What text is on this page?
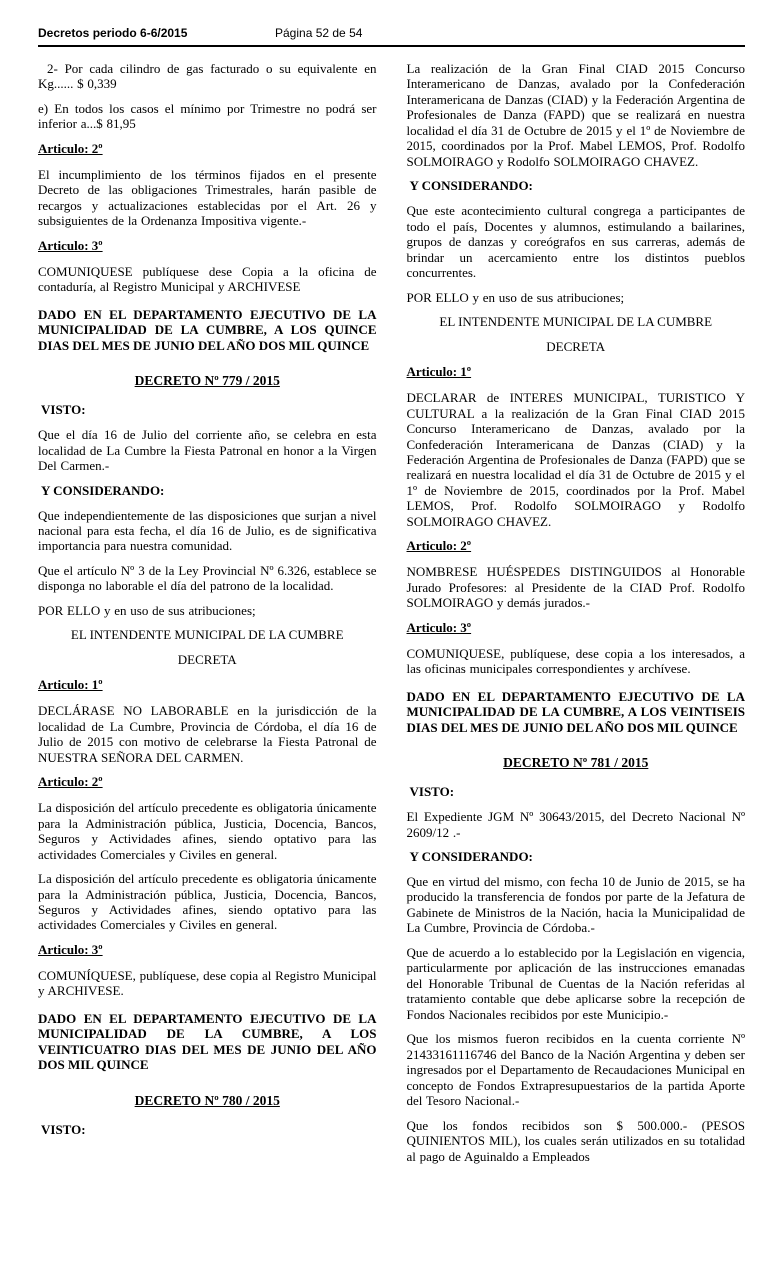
Decretos periodo 6-6/2015	Página 52 de 54

2- Por cada cilindro de gas facturado o su equivalente en Kg...... $ 0,339

e) En todos los casos el mínimo por Trimestre no podrá ser inferior a...$ 81,95

Articulo: 2º

El incumplimiento de los términos fijados en el presente Decreto de las obligaciones Trimestrales, harán pasible de recargos y actualizaciones establecidas por el Art. 26 y subsiguientes de la Ordenanza Impositiva vigente.-

Articulo: 3º

COMUNIQUESE publíquese dese Copia a la oficina de contaduría, al Registro Municipal y ARCHIVESE

DADO EN EL DEPARTAMENTO EJECUTIVO DE LA MUNICIPALIDAD DE LA CUMBRE, A LOS QUINCE DIAS DEL MES DE JUNIO DEL AÑO DOS MIL QUINCE

DECRETO Nº 779 / 2015

VISTO:

Que el día 16 de Julio del corriente año, se celebra en esta localidad de La Cumbre la Fiesta Patronal en honor a la Virgen Del Carmen.-

Y CONSIDERANDO:

Que independientemente de las disposiciones que surjan a nivel nacional para esta fecha, el día 16 de Julio, es de significativa importancia para nuestra comunidad.

Que el artículo Nº 3 de la Ley Provincial Nº 6.326, establece se disponga no laborable el día del patrono de la localidad.

POR ELLO y en uso de sus atribuciones;

EL INTENDENTE MUNICIPAL DE LA CUMBRE

DECRETA

Articulo: 1º

DECLÁRASE NO LABORABLE en la jurisdicción de la localidad de La Cumbre, Provincia de Córdoba, el día 16 de Julio de 2015 con motivo de celebrarse la Fiesta Patronal de NUESTRA SEÑORA DEL CARMEN.

Articulo: 2º

La disposición del artículo precedente es obligatoria únicamente para la Administración pública, Justicia, Docencia, Bancos, Seguros y Actividades afines, siendo optativo para las actividades Comerciales y Civiles en general.

La disposición del artículo precedente es obligatoria únicamente para la Administración pública, Justicia, Docencia, Bancos, Seguros y Actividades afines, siendo optativo para las actividades Comerciales y Civiles en general.

Articulo: 3º

COMUNÍQUESE, publíquese, dese copia al Registro Municipal y ARCHIVESE.

DADO EN EL DEPARTAMENTO EJECUTIVO DE LA MUNICIPALIDAD DE LA CUMBRE, A LOS VEINTICUATRO DIAS DEL MES DE JUNIO DEL AÑO DOS MIL QUINCE

DECRETO Nº 780 / 2015

VISTO:

La realización de la Gran Final CIAD 2015 Concurso Interamericano de Danzas, avalado por la Confederación Interamericana de Danzas (CIAD) y la Federación Argentina de Profesionales de Danza (FAPD) que se realizará en nuestra localidad el día 31 de Octubre de 2015 y el 1º de Noviembre de 2015, coordinados por la Prof. Mabel LEMOS, Prof. Rodolfo SOLMOIRAGO y Rodolfo SOLMOIRAGO CHAVEZ.

Y CONSIDERANDO:

Que este acontecimiento cultural congrega a participantes de todo el país, Docentes y alumnos, estimulando a bailarines, grupos de danzas y coreógrafos en sus carreras, además de brindar un acercamiento entre los distintos pueblos concurrentes.

POR ELLO y en uso de sus atribuciones;

EL INTENDENTE MUNICIPAL DE LA CUMBRE

DECRETA

Articulo: 1º

DECLARAR de INTERES MUNICIPAL, TURISTICO Y CULTURAL a la realización de la Gran Final CIAD 2015 Concurso Interamericano de Danzas, avalado por la Confederación Interamericana de Danzas (CIAD) y la Federación Argentina de Profesionales de Danza (FAPD) que se realizará en nuestra localidad el día 31 de Octubre de 2015 y el 1º de Noviembre de 2015, coordinados por la Prof. Mabel LEMOS, Prof. Rodolfo SOLMOIRAGO y Rodolfo SOLMOIRAGO CHAVEZ.

Articulo: 2º

NOMBRESE HUÉSPEDES DISTINGUIDOS al Honorable Jurado Profesores: al Presidente de la CIAD Prof. Rodolfo SOLMOIRAGO y demás jurados.-

Articulo: 3º

COMUNIQUESE, publíquese, dese copia a los interesados, a las oficinas municipales correspondientes y archívese.

DADO EN EL DEPARTAMENTO EJECUTIVO DE LA MUNICIPALIDAD DE LA CUMBRE, A LOS VEINTISEIS DIAS DEL MES DE JUNIO DEL AÑO DOS MIL QUINCE

DECRETO Nº 781 / 2015

VISTO:

El Expediente JGM Nº 30643/2015, del Decreto Nacional Nº 2609/12 .-

Y CONSIDERANDO:

Que en virtud del mismo, con fecha 10 de Junio de 2015, se ha producido la transferencia de fondos por parte de la Jefatura de Gabinete de Ministros de la Nación, hacia la Municipalidad de La Cumbre, Provincia de Córdoba.-

Que de acuerdo a lo establecido por la Legislación en vigencia, particularmente por aplicación de las instrucciones emanadas del Honorable Tribunal de Cuentas de la Nación referidas al tratamiento contable que debe aplicarse sobre la recepción de Fondos Nacionales recibidos por este Municipio.-

Que los mismos fueron recibidos en la cuenta corriente Nº 21433161116746 del Banco de la Nación Argentina y deben ser ingresados por el Departamento de Recaudaciones Municipal en concepto de Fondos Extrapresupuestarios de la partida Aporte del Tesoro Nacional.-

Que los fondos recibidos son $ 500.000.- (PESOS QUINIENTOS MIL), los cuales serán utilizados en su totalidad al pago de Aguinaldo a Empleados
